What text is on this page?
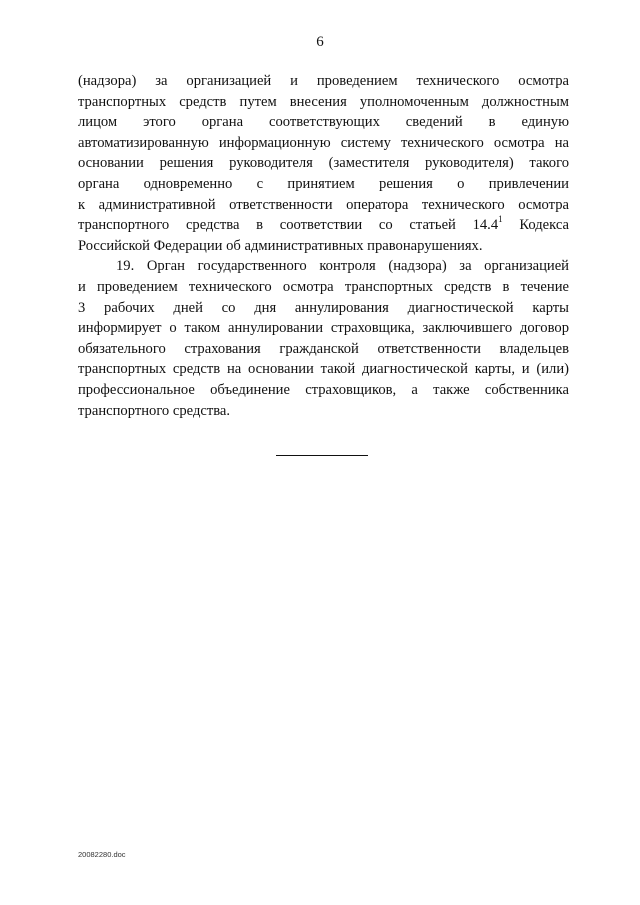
6
(надзора) за организацией и проведением технического осмотра
транспортных средств путем внесения уполномоченным должностным
лицом этого органа соответствующих сведений в единую
автоматизированную информационную систему технического осмотра на
основании решения руководителя (заместителя руководителя) такого
органа одновременно с принятием решения о привлечении
к административной ответственности оператора технического осмотра
транспортного средства в соответствии со статьей 14.4$^1$ Кодекса
Российской Федерации об административных правонарушениях.
19. Орган государственного контроля (надзора) за организацией
и проведением технического осмотра транспортных средств в течение
3 рабочих дней со дня аннулирования диагностической карты
информирует о таком аннулировании страховщика, заключившего договор
обязательного страхования гражданской ответственности владельцев
транспортных средств на основании такой диагностической карты, и (или)
профессиональное объединение страховщиков, а также собственника
транспортного средства.
20082280.doc
